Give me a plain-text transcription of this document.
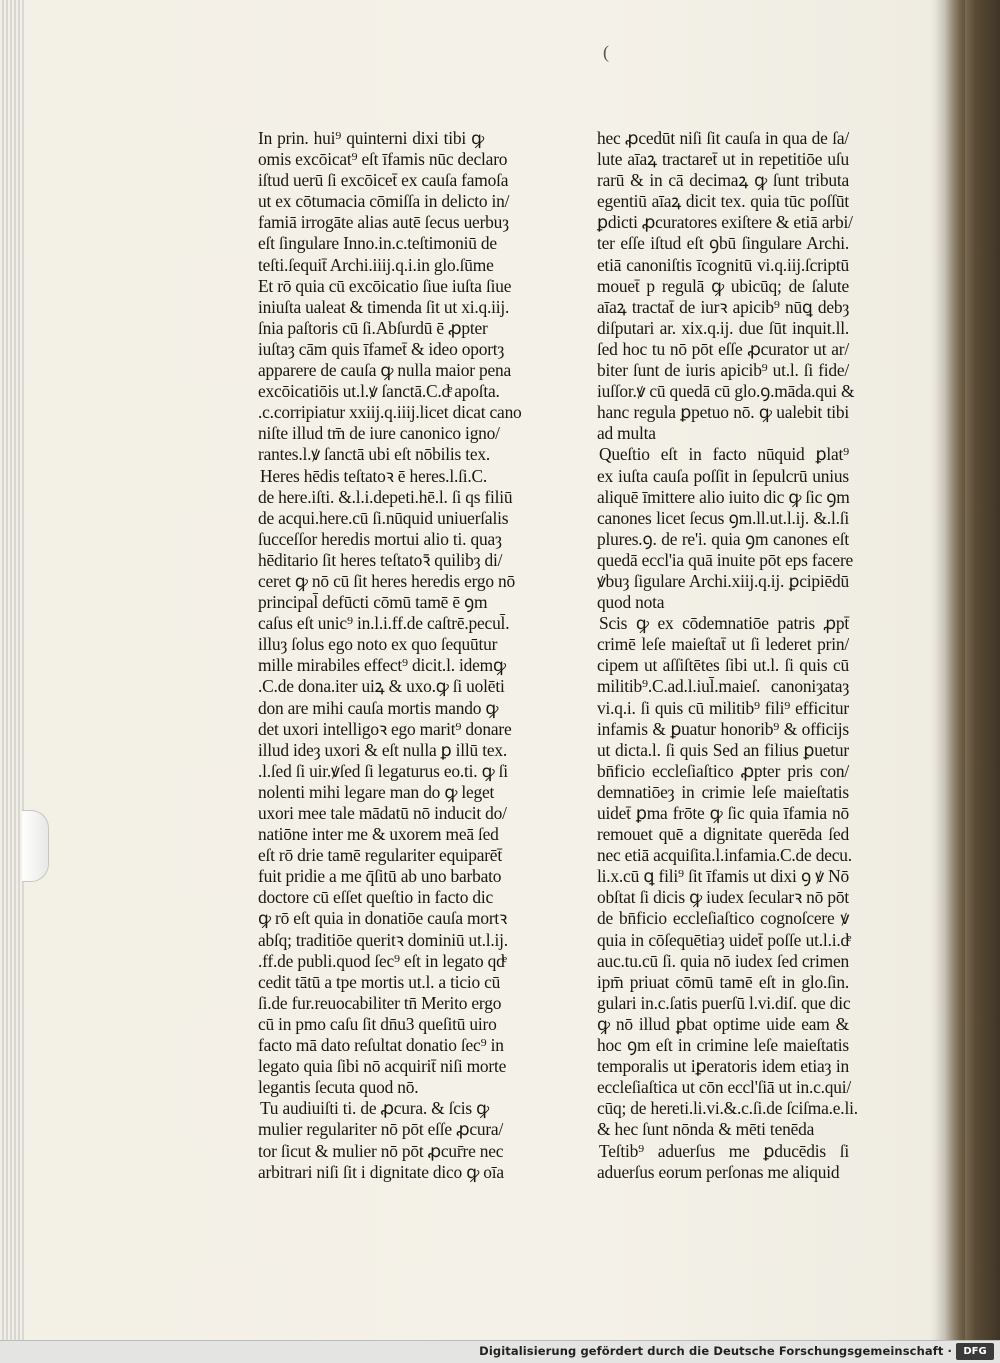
(
In prin. hui⁹ quinterni dixi tibi ꝙ
omis excōicat⁹ eſt īfamis nūc declaro
iſtud uerū ſi excōicet̄ ex cauſa famoſa
ut ex cōtumacia cōmiſſa in delicto in/
famiā irrogāte alias autē ſecus uerbuȝ
eſt ſingulare Inno.in.c.teſtimoniū de
teſti.ſequit̄ Archi.iiij.q.i.in glo.ſūme
Et rō quia cū excōicatio ſiue iuſta ſiue
iniuſta ualeat & timenda ſit ut xi.q.iij.
ſnia paſtoris cū ſi.Abſurdū ē ꝓpter
iuſtaȝ cām quis īfamet̄ & ideo oportȝ
apparere de cauſa ꝙ nulla maior pena
excōicatiōis ut.l.ꝟ ſanctā.C.dͤ apoſta.
.c.corripiatur xxiij.q.iiij.licet dicat cano
niſte illud tm̄ de iure canonico igno/
rantes.l.ꝟ ſanctā ubi eſt nōbilis tex.
Heres hēdis teſtatoꝛ ē heres.l.ſi.C.
de here.iſti. &.l.i.depeti.hē.l. ſi qs filiū
de acqui.here.cū ſi.nūquid uniuerſalis
ſucceſſor heredis mortui alio ti. quaȝ
hēditario ſit heres teſtatoꝛ̄ quilibȝ di/
ceret ꝙ nō cū ſit heres heredis ergo nō
principal̄ defūcti cōmū tamē ē ꝯm
caſus eſt unic⁹ in.l.i.ff.de caſtrē.pecul̄.
illuȝ ſolus ego noto ex quo ſequūtur
mille mirabiles effect⁹ dicit.l. idemꝙ
.C.de dona.iter uiꝝ & uxo.ꝙ ſi uolēti
don are mihi cauſa mortis mando ꝙ
det uxori intelligoꝛ ego marit⁹ donare
illud ideȝ uxori & eſt nulla ꝑ illū tex.
.l.ſed ſi uir.ꝟſed ſi legaturus eo.ti. ꝙ ſi
nolenti mihi legare man do ꝙ leget
uxori mee tale mādatū nō inducit do/
natiōne inter me & uxorem meā ſed
eſt rō drie tamē regulariter equiparēt̄
fuit pridie a me q̄ſitū ab uno barbato
doctore cū eſſet queſtio in facto dic
ꝙ rō eſt quia in donatiōe cauſa mortꝛ
abſq; traditiōe queritꝛ dominiū ut.l.ij.
.ff.de publi.quod ſec⁹ eſt in legato qdͤ
cedit tātū a tpe mortis ut.l. a ticio cū
ſi.de fur.reuocabiliter tn̄ Merito ergo
cū in pmo caſu ſit dn̄u3 queſitū uiro
facto mā dato reſultat donatio ſec⁹ in
legato quia ſibi nō acquirit̄ niſi morte
legantis ſecuta quod nō.
Tu audiuiſti ti. de ꝓcura. & ſcis ꝙ
mulier regulariter nō pōt eſſe ꝓcura/
tor ſicut & mulier nō pōt ꝓcur̄re nec
arbitrari niſi ſit i dignitate dico ꝙ oīa
hec ꝓcedūt niſi ſit cauſa in qua de ſa/
lute aīaꝝ tractaret̄ ut in repetitiōe uſu
rarū & in cā decimaꝝ ꝙ ſunt tributa
egentiū aīaꝝ dicit tex. quia tūc poſſūt
ꝑdicti ꝓcuratores exiſtere & etiā arbi/
ter eſſe iſtud eſt ꝯbū ſingulare Archi.
etiā canoniſtis īcognitū vi.q.iij.ſcriptū
mouet̄ p regulā ꝙ ubicūq; de ſalute
aīaꝝ tractat̄ de iurꝛ apicib⁹ nūꝗ debȝ
diſputari ar. xix.q.ij. due ſūt inquit.ll.
ſed hoc tu nō pōt eſſe ꝓcurator ut ar/
biter ſunt de iuris apicib⁹ ut.l. ſi fide/
iuſſor.ꝟ cū quedā cū glo.ꝯ.māda.qui &
hanc regula ꝑpetuo nō. ꝙ ualebit tibi
ad multa
Queſtio eſt in facto nūquid ꝑlat⁹
ex iuſta cauſa poſſit in ſepulcrū unius
aliquē īmittere alio iuito dic ꝙ ſic ꝯm
canones licet ſecus ꝯm.ll.ut.l.ij. &.l.ſi
plures.ꝯ. de re'i. quia ꝯm canones eſt
quedā eccl'ia quā inuite pōt eps facere
ꝟbuȝ ſigulare Archi.xiij.q.ij. ꝑcipiēdū
quod nota
Scis ꝙ ex cōdemnatiōe patris ꝓpt̄
crimē leſe maieſtat̄ ut ſi lederet prin/
cipem ut aſſiſtētes ſibi ut.l. ſi quis cū
militib⁹.C.ad.l.iul̄.maieſ. canoniȝataȝ
vi.q.i. ſi quis cū militib⁹ fili⁹ efficitur
infamis & ꝑuatur honorib⁹ & officijs
ut dicta.l. ſi quis Sed an filius ꝑuetur
bn̄ficio eccleſiaſtico ꝓpter pris con/
demnatiōeȝ in crimie leſe maieſtatis
uidet̄ ꝑma frōte ꝙ ſic quia īfamia nō
remouet quē a dignitate querēda ſed
nec etiā acquiſita.l.infamia.C.de decu.
li.x.cū ꝗ fili⁹ ſit īfamis ut dixi ꝯ ꝟ Nō
obſtat ſi dicis ꝙ iudex ſecularꝛ nō pōt
de bn̄ficio eccleſiaſtico cognoſcere ꝟ
quia in cōſequētiaȝ uidet̄ poſſe ut.l.i.dͤ
auc.tu.cū ſi. quia nō iudex ſed crimen
ipm̄ priuat cōmū tamē eſt in glo.ſin.
gulari in.c.ſatis puerſū l.vi.diſ. que dic
ꝙ nō illud ꝑbat optime uide eam &
hoc ꝯm eſt in crimine leſe maieſtatis
temporalis ut iꝑeratoris idem etiaȝ in
eccleſiaſtica ut cōn eccl'ſiā ut in.c.qui/
cūq; de hereti.li.vi.&.c.ſi.de ſciſma.e.li.
& hec ſunt nōnda & mēti tenēda
Teſtib⁹ aduerſus me ꝑducēdis ſi
aduerſus eorum perſonas me aliquid
Digitalisierung gefördert durch die Deutsche Forschungsgemeinschaft ·	DFG
